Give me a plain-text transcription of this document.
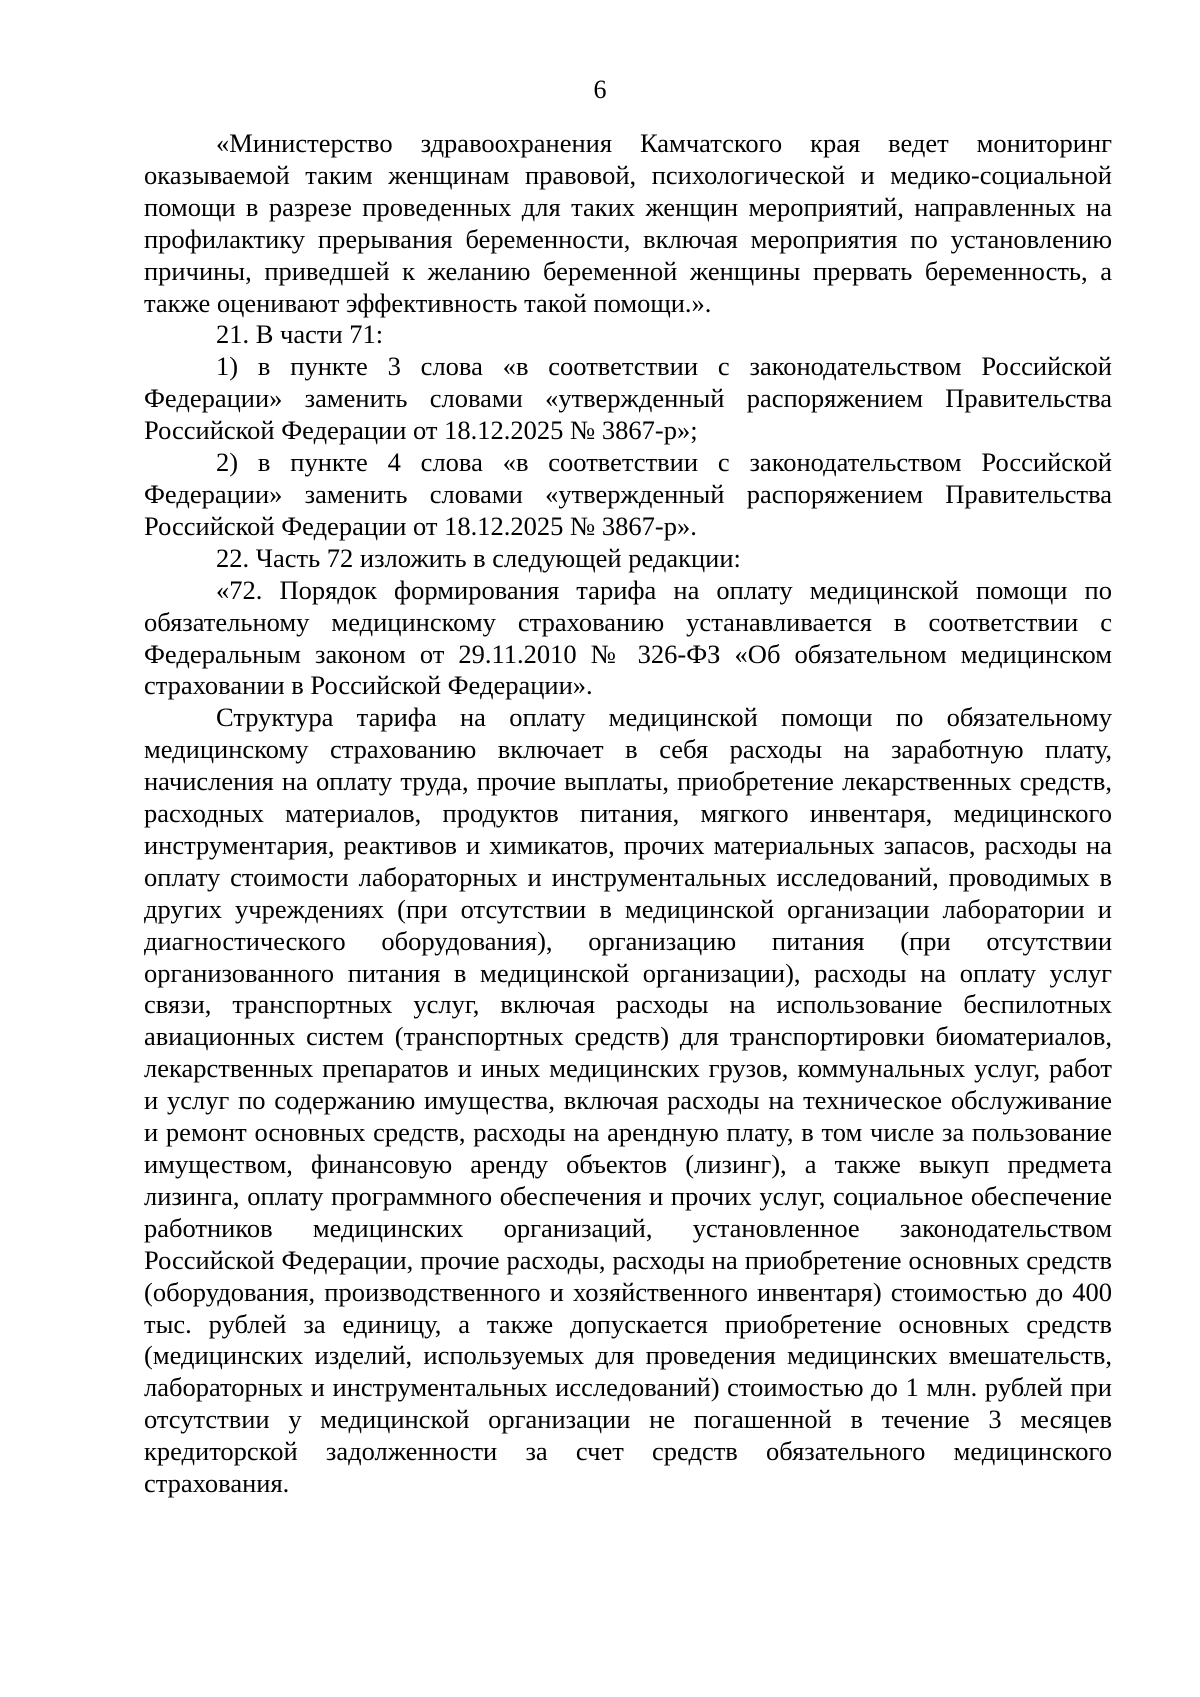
6

«Министерство здравоохранения Камчатского края ведет мониторинг оказываемой таким женщинам правовой, психологической и медико-социальной помощи в разрезе проведенных для таких женщин мероприятий, направленных на профилактику прерывания беременности, включая мероприятия по установлению причины, приведшей к желанию беременной женщины прервать беременность, а также оценивают эффективность такой помощи.».

21. В части 71:

1) в пункте 3 слова «в соответствии с законодательством Российской Федерации» заменить словами «утвержденный распоряжением Правительства Российской Федерации от 18.12.2025 № 3867-р»;

2) в пункте 4 слова «в соответствии с законодательством Российской Федерации» заменить словами «утвержденный распоряжением Правительства Российской Федерации от 18.12.2025 № 3867-р».

22. Часть 72 изложить в следующей редакции:

«72. Порядок формирования тарифа на оплату медицинской помощи по обязательному медицинскому страхованию устанавливается в соответствии с Федеральным законом от 29.11.2010 № 326-ФЗ «Об обязательном медицинском страховании в Российской Федерации».

Структура тарифа на оплату медицинской помощи по обязательному медицинскому страхованию включает в себя расходы на заработную плату, начисления на оплату труда, прочие выплаты, приобретение лекарственных средств, расходных материалов, продуктов питания, мягкого инвентаря, медицинского инструментария, реактивов и химикатов, прочих материальных запасов, расходы на оплату стоимости лабораторных и инструментальных исследований, проводимых в других учреждениях (при отсутствии в медицинской организации лаборатории и диагностического оборудования), организацию питания (при отсутствии организованного питания в медицинской организации), расходы на оплату услуг связи, транспортных услуг, включая расходы на использование беспилотных авиационных систем (транспортных средств) для транспортировки биоматериалов, лекарственных препаратов и иных медицинских грузов, коммунальных услуг, работ и услуг по содержанию имущества, включая расходы на техническое обслуживание и ремонт основных средств, расходы на арендную плату, в том числе за пользование имуществом, финансовую аренду объектов (лизинг), а также выкуп предмета лизинга, оплату программного обеспечения и прочих услуг, социальное обеспечение работников медицинских организаций, установленное законодательством Российской Федерации, прочие расходы, расходы на приобретение основных средств (оборудования, производственного и хозяйственного инвентаря) стоимостью до 400 тыс. рублей за единицу, а также допускается приобретение основных средств (медицинских изделий, используемых для проведения медицинских вмешательств, лабораторных и инструментальных исследований) стоимостью до 1 млн. рублей при отсутствии у медицинской организации не погашенной в течение 3 месяцев кредиторской задолженности за счет средств обязательного медицинского страхования.
